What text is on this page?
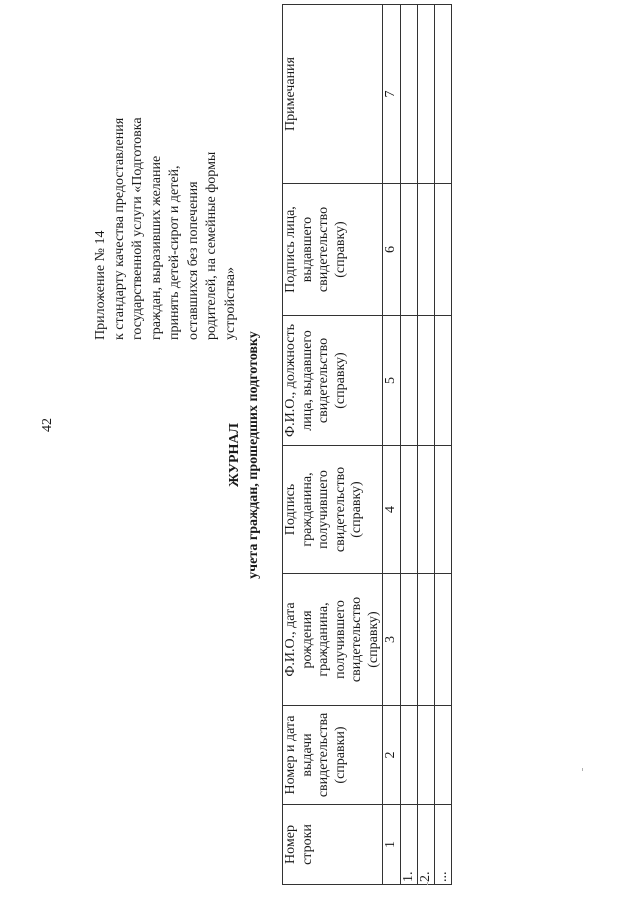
42
Приложение № 14 к стандарту качества предоставления государственной услуги «Подготовка граждан, выразивших желание принять детей-сирот и детей, оставшихся без попечения родителей, на семейные формы устройства»
ЖУРНАЛ учета граждан, прошедших подготовку
Номер строки	Номер и дата выдачи свидетельства (справки)	Ф.И.О., дата рождения гражданина, получившего свидетельство (справку)	Подпись гражданина, получившего свидетельство (справку)	Ф.И.О., должность лица, выдавшего свидетельство (справку)	Подпись лица, выдавшего свидетельство (справку)	Примечания
1	2	3	4	5	6	7
1.						
2.						
...						
